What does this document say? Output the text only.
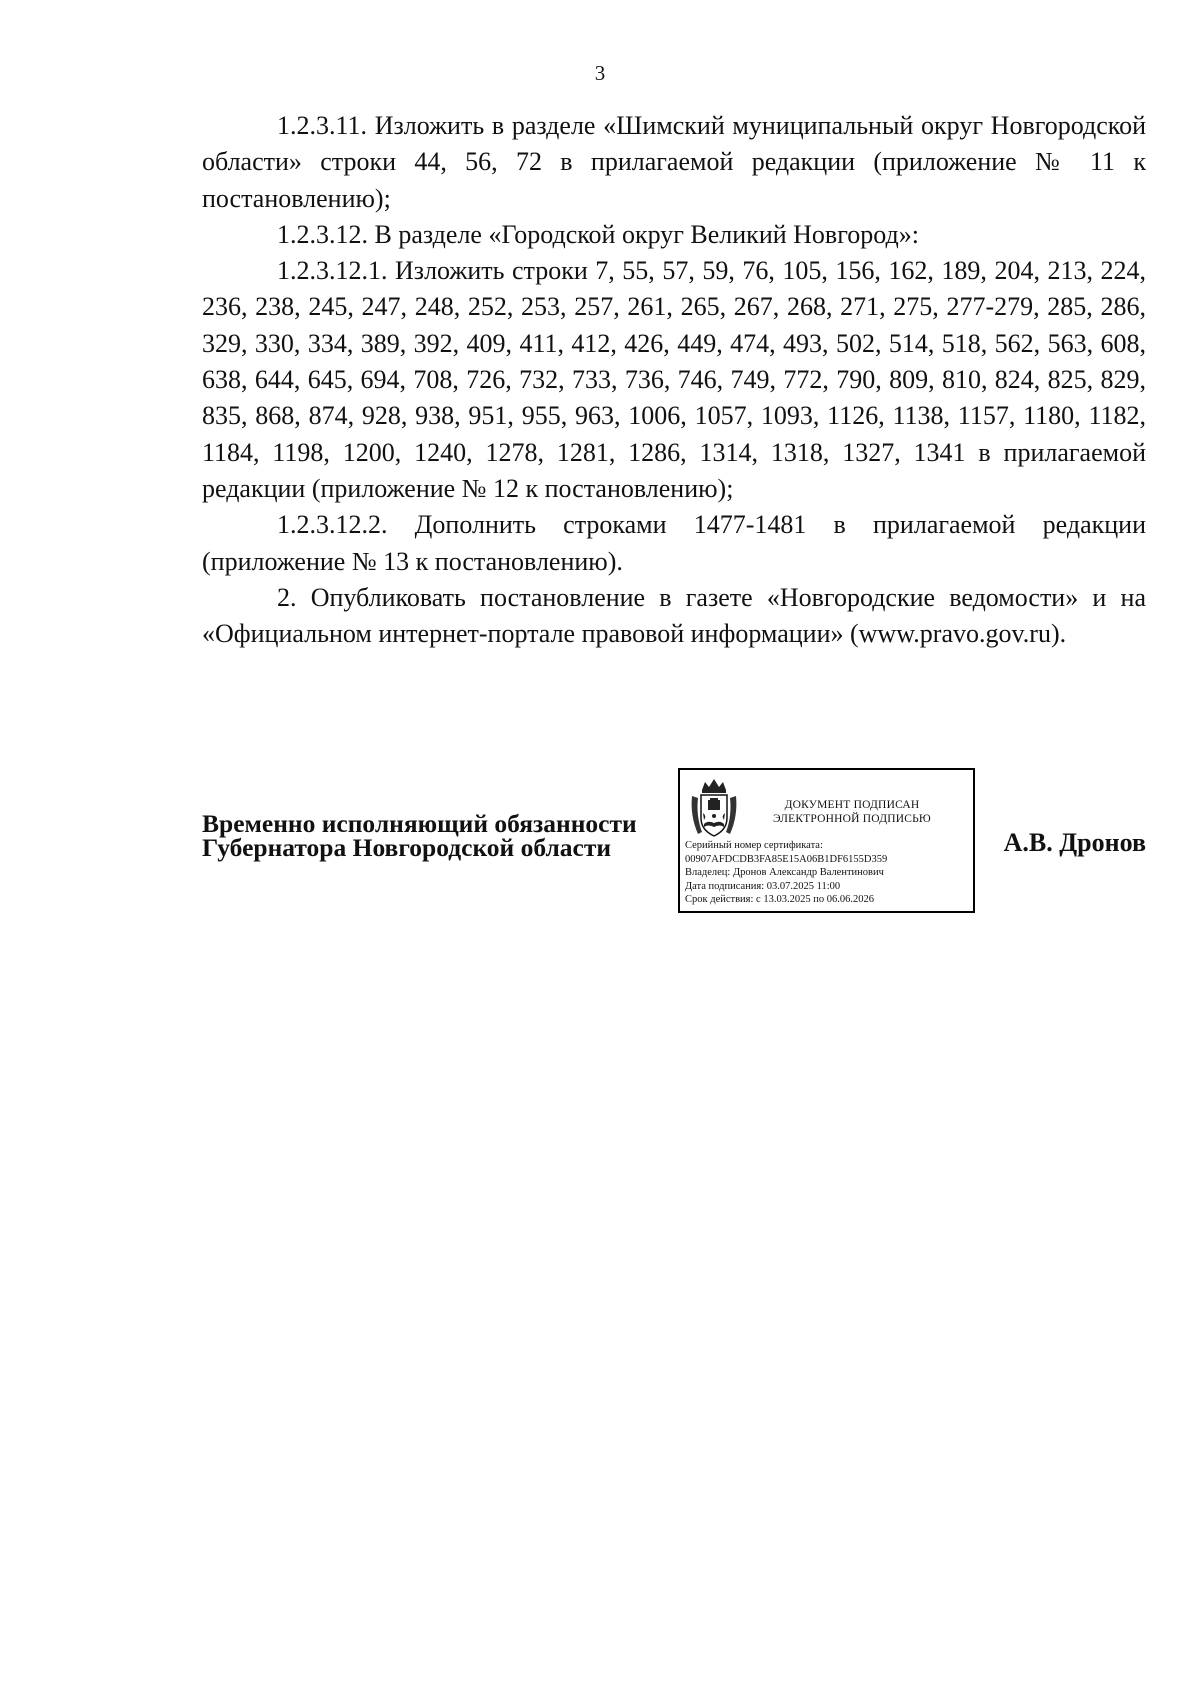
3

1.2.3.11. Изложить в разделе «Шимский муниципальный округ Новгородской области» строки 44, 56, 72 в прилагаемой редакции (приложение № 11 к постановлению);

1.2.3.12. В разделе «Городской округ Великий Новгород»:

1.2.3.12.1. Изложить строки 7, 55, 57, 59, 76, 105, 156, 162, 189, 204, 213, 224, 236, 238, 245, 247, 248, 252, 253, 257, 261, 265, 267, 268, 271, 275, 277-279, 285, 286, 329, 330, 334, 389, 392, 409, 411, 412, 426, 449, 474, 493, 502, 514, 518, 562, 563, 608, 638, 644, 645, 694, 708, 726, 732, 733, 736, 746, 749, 772, 790, 809, 810, 824, 825, 829, 835, 868, 874, 928, 938, 951, 955, 963, 1006, 1057, 1093, 1126, 1138, 1157, 1180, 1182, 1184, 1198, 1200, 1240, 1278, 1281, 1286, 1314, 1318, 1327, 1341 в прилагаемой редакции (приложение № 12 к постановлению);

1.2.3.12.2. Дополнить строками 1477-1481 в прилагаемой редакции (приложение № 13 к постановлению).

2. Опубликовать постановление в газете «Новгородские ведомости» и на «Официальном интернет-портале правовой информации» (www.pravo.gov.ru).

Временно исполняющий обязанности
Губернатора Новгородской области
ДОКУМЕНТ ПОДПИСАН
ЭЛЕКТРОННОЙ ПОДПИСЬЮ
Серийный номер сертификата:
00907AFDCDB3FA85E15A06B1DF6155D359
Владелец: Дронов Александр Валентинович
Дата подписания: 03.07.2025 11:00
Срок действия: с 13.03.2025 по 06.06.2026
А.В. Дронов
